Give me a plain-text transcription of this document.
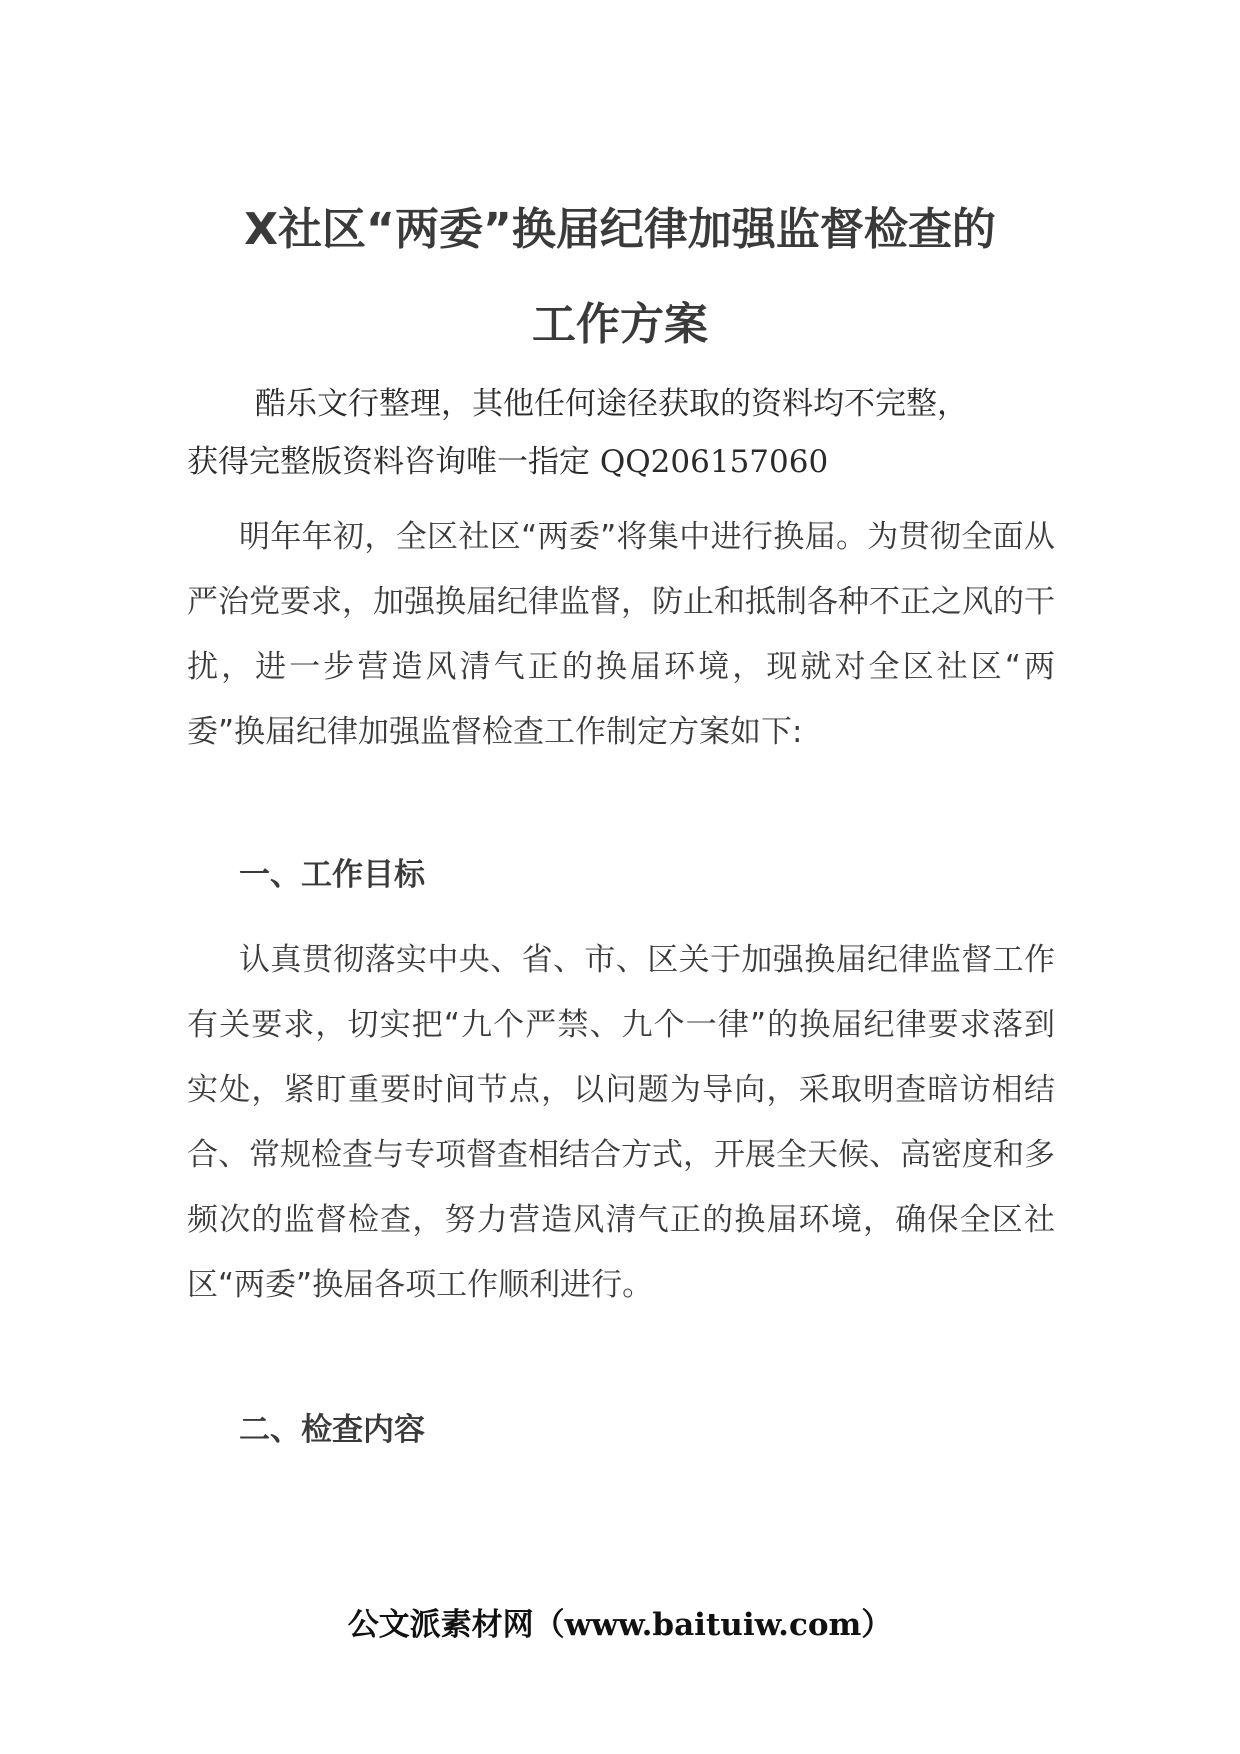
X社区“两委”换届纪律加强监督检查的
工作方案

酷乐文行整理，其他任何途径获取的资料均不完整，

获得完整版资料咨询唯一指定 QQ206157060

明年年初，全区社区“两委”将集中进行换届。为贯彻全面从严治党要求，加强换届纪律监督，防止和抵制各种不正之风的干扰，进一步营造风清气正的换届环境，现就对全区社区“两委”换届纪律加强监督检查工作制定方案如下:

一、工作目标

认真贯彻落实中央、省、市、区关于加强换届纪律监督工作有关要求，切实把“九个严禁、九个一律”的换届纪律要求落到实处，紧盯重要时间节点，以问题为导向，采取明查暗访相结合、常规检查与专项督查相结合方式，开展全天候、高密度和多频次的监督检查，努力营造风清气正的换届环境，确保全区社区“两委”换届各项工作顺利进行。

二、检查内容
公文派素材网（www.baituiw.com）
